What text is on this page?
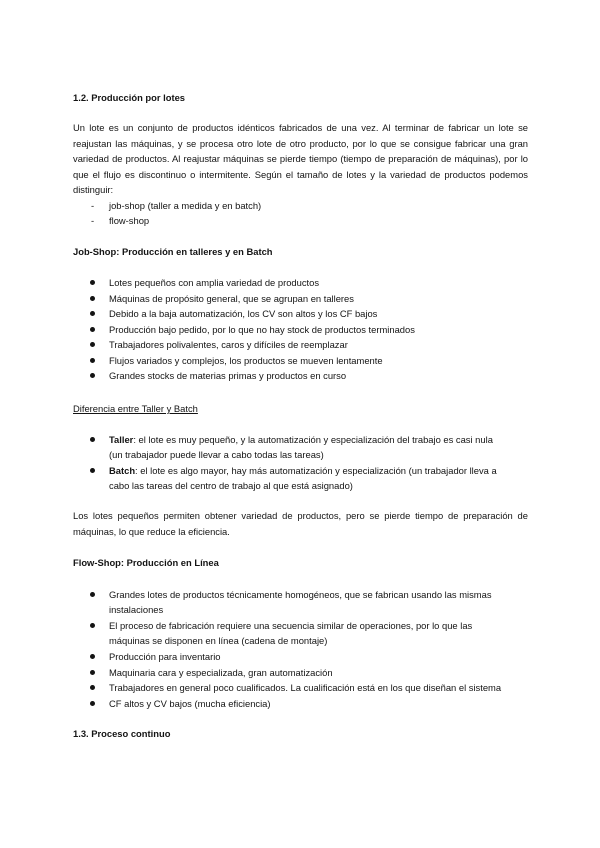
1.2. Producción por lotes
Un lote es un conjunto de productos idénticos fabricados de una vez. Al terminar de fabricar un lote se reajustan las máquinas, y se procesa otro lote de otro producto, por lo que se consigue fabricar una gran variedad de productos. Al reajustar máquinas se pierde tiempo (tiempo de preparación de máquinas), por lo que el flujo es discontinuo o intermitente. Según el tamaño de lotes y la variedad de productos podemos distinguir:
- job-shop (taller a medida y en batch)
- flow-shop
Job-Shop: Producción en talleres y en Batch
Lotes pequeños con amplia variedad de productos
Máquinas de propósito general, que se agrupan en talleres
Debido a la baja automatización, los CV son altos y los CF bajos
Producción bajo pedido, por lo que no hay stock de productos terminados
Trabajadores polivalentes, caros y difíciles de reemplazar
Flujos variados y complejos, los productos se mueven lentamente
Grandes stocks de materias primas y productos en curso
Diferencia entre Taller y Batch
Taller: el lote es muy pequeño, y la automatización y especialización del trabajo es casi nula
(un trabajador puede llevar a cabo todas las tareas)
Batch: el lote es algo mayor, hay más automatización y especialización (un trabajador lleva a
cabo las tareas del centro de trabajo al que está asignado)
Los lotes pequeños permiten obtener variedad de productos, pero se pierde tiempo de preparación de máquinas, lo que reduce la eficiencia.
Flow-Shop: Producción en Línea
Grandes lotes de productos técnicamente homogéneos, que se fabrican usando las mismas
instalaciones
El proceso de fabricación requiere una secuencia similar de operaciones, por lo que las
máquinas se disponen en línea (cadena de montaje)
Producción para inventario
Maquinaria cara y especializada, gran automatización
Trabajadores en general poco cualificados. La cualificación está en los que diseñan el sistema
CF altos y CV bajos (mucha eficiencia)
1.3. Proceso continuo
